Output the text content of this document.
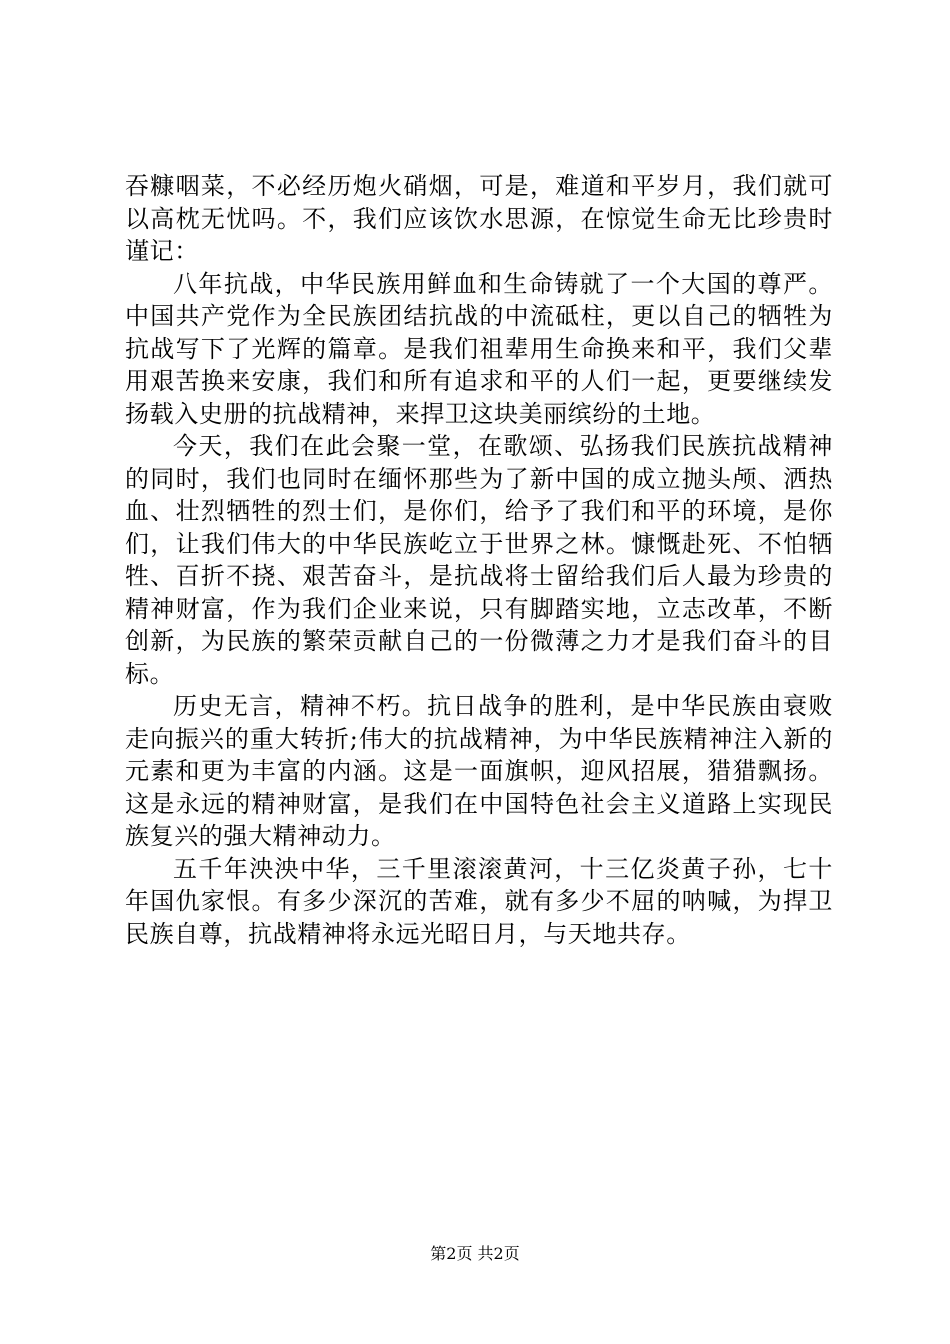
吞糠咽菜，不必经历炮火硝烟，可是，难道和平岁月，我们就可以高枕无忧吗。不，我们应该饮水思源，在惊觉生命无比珍贵时谨记：

八年抗战，中华民族用鲜血和生命铸就了一个大国的尊严。中国共产党作为全民族团结抗战的中流砥柱，更以自己的牺牲为抗战写下了光辉的篇章。是我们祖辈用生命换来和平，我们父辈用艰苦换来安康，我们和所有追求和平的人们一起，更要继续发扬载入史册的抗战精神，来捍卫这块美丽缤纷的土地。

今天，我们在此会聚一堂，在歌颂、弘扬我们民族抗战精神的同时，我们也同时在缅怀那些为了新中国的成立抛头颅、洒热血、壮烈牺牲的烈士们，是你们，给予了我们和平的环境，是你们，让我们伟大的中华民族屹立于世界之林。慷慨赴死、不怕牺牲、百折不挠、艰苦奋斗，是抗战将士留给我们后人最为珍贵的精神财富，作为我们企业来说，只有脚踏实地，立志改革，不断创新，为民族的繁荣贡献自己的一份微薄之力才是我们奋斗的目标。

历史无言，精神不朽。抗日战争的胜利，是中华民族由衰败走向振兴的重大转折;伟大的抗战精神，为中华民族精神注入新的元素和更为丰富的内涵。这是一面旗帜，迎风招展，猎猎飘扬。这是永远的精神财富，是我们在中国特色社会主义道路上实现民族复兴的强大精神动力。

五千年泱泱中华，三千里滚滚黄河，十三亿炎黄子孙，七十年国仇家恨。有多少深沉的苦难，就有多少不屈的呐喊，为捍卫民族自尊，抗战精神将永远光昭日月，与天地共存。

第2页 共2页
